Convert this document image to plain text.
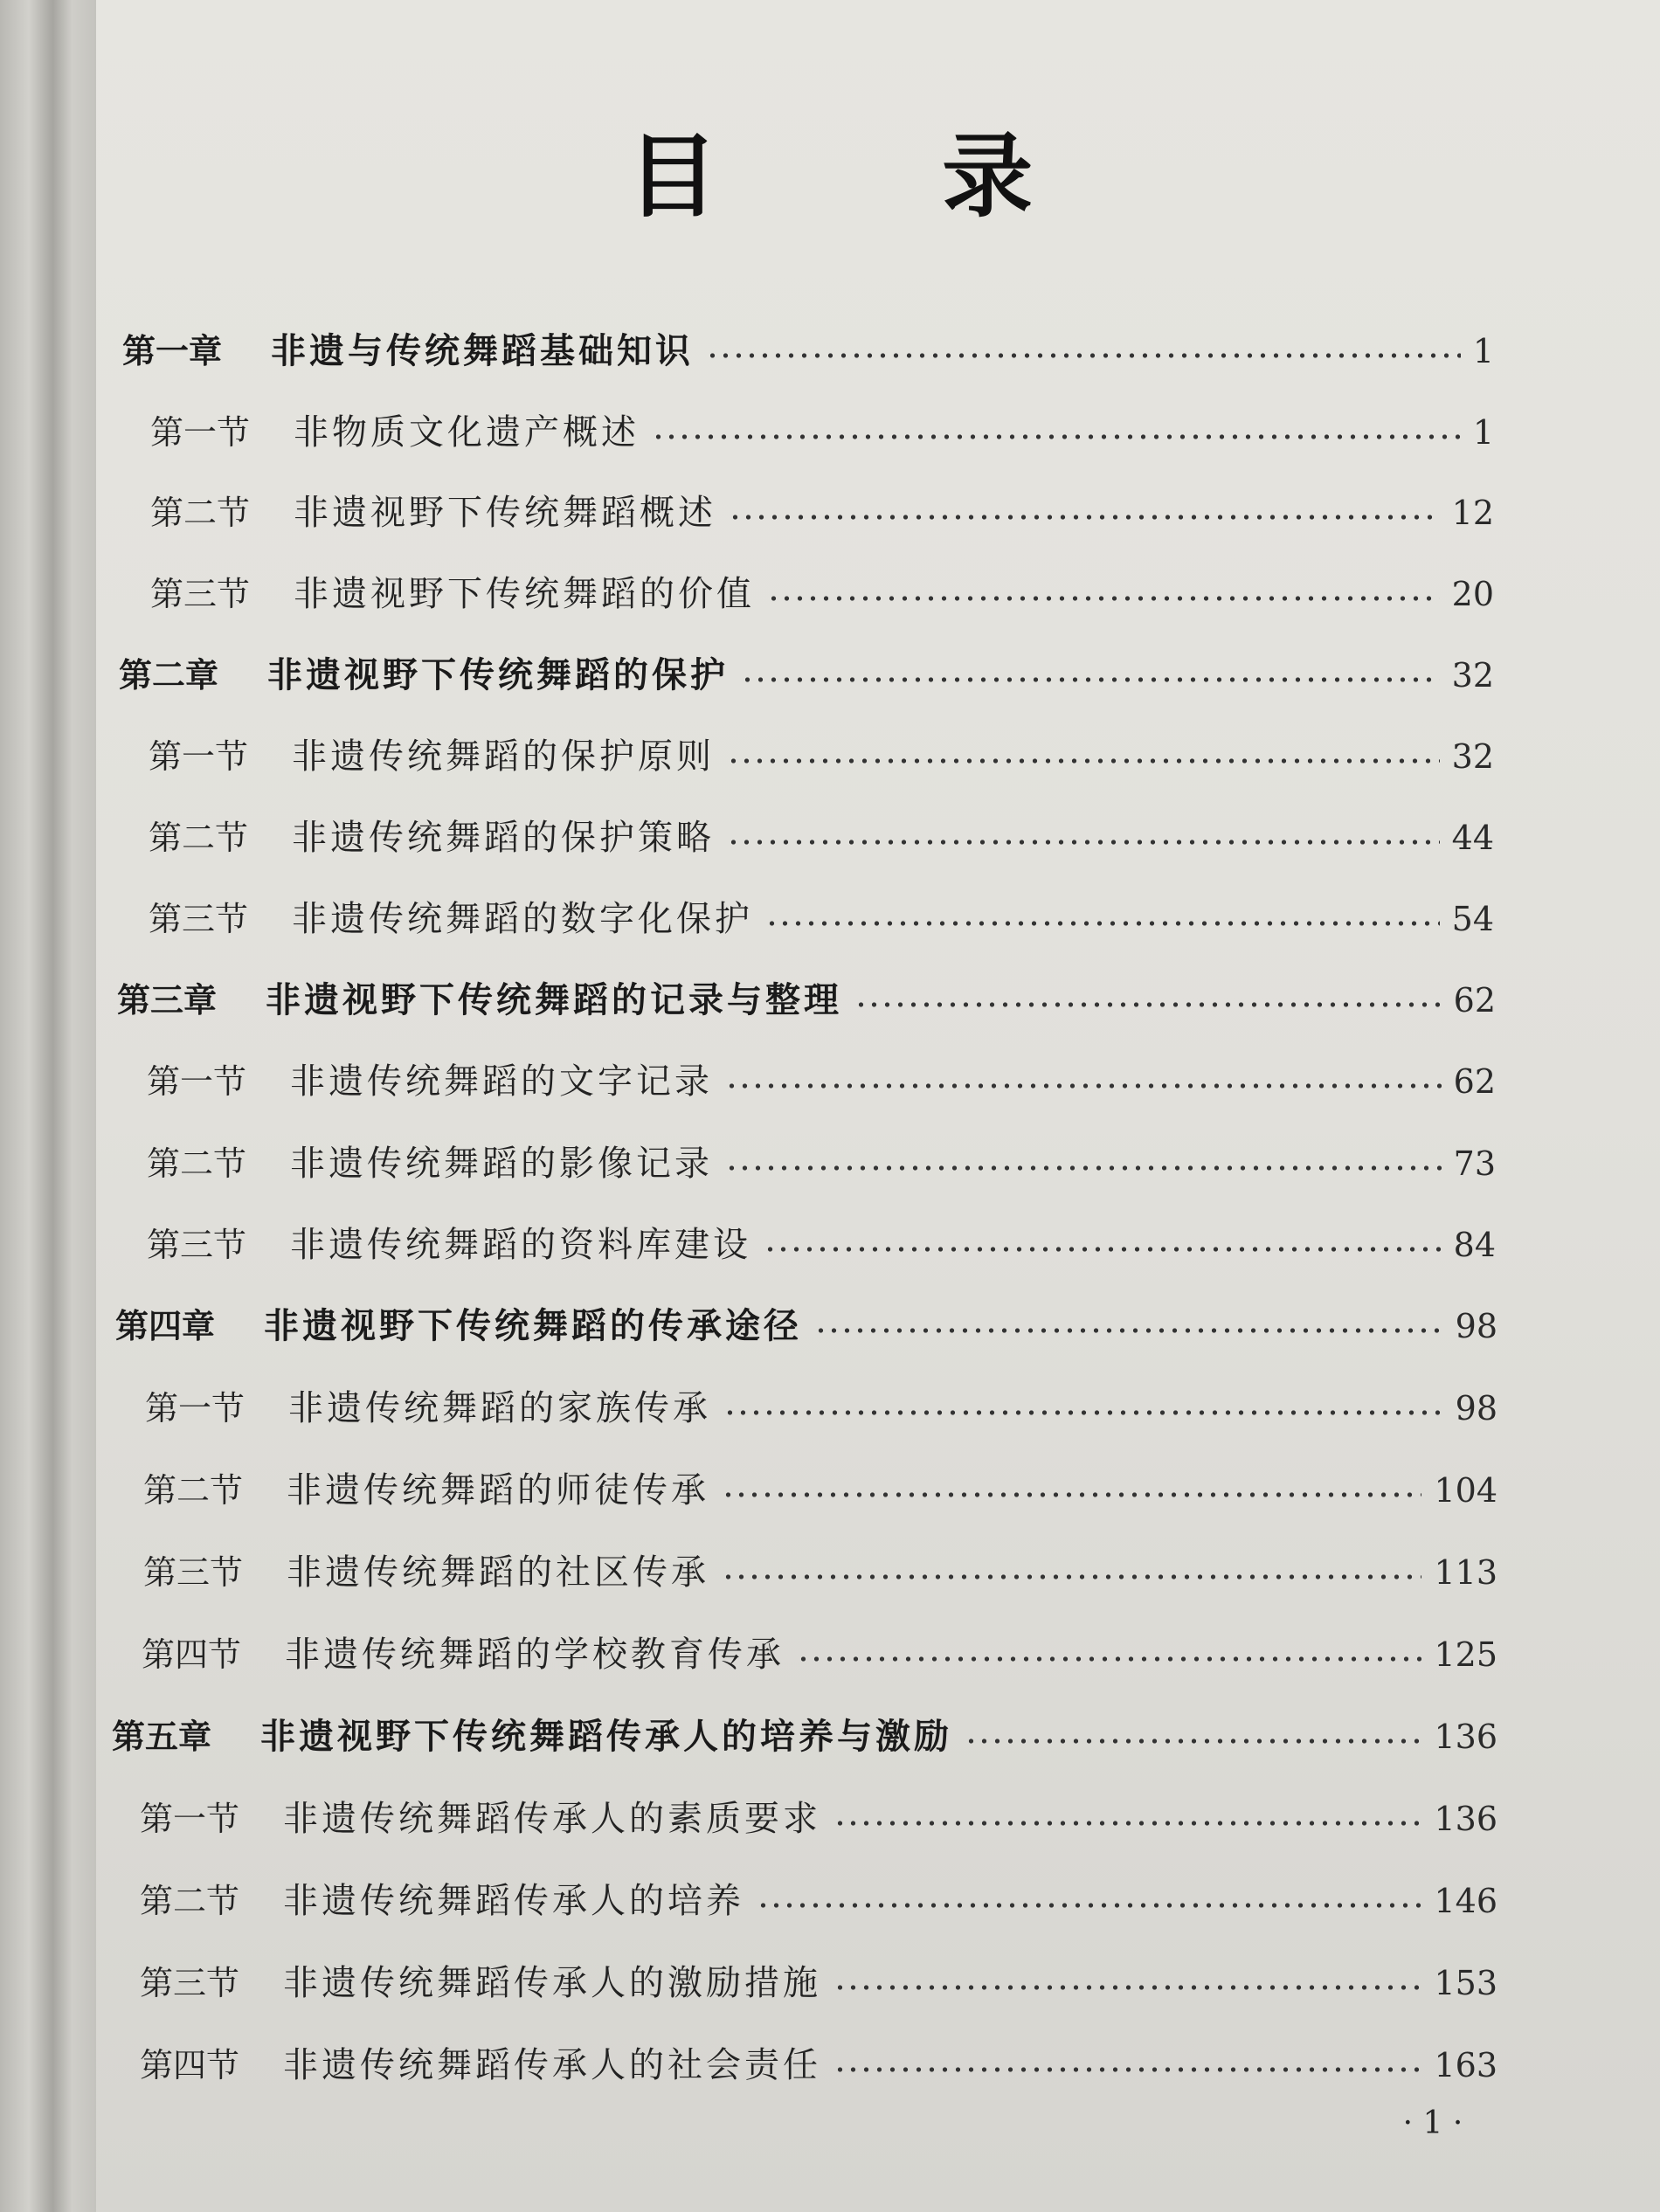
目 录
第一章 非遗与传统舞蹈基础知识	1
第一节 非物质文化遗产概述	1
第二节 非遗视野下传统舞蹈概述	12
第三节 非遗视野下传统舞蹈的价值	20
第二章 非遗视野下传统舞蹈的保护	32
第一节 非遗传统舞蹈的保护原则	32
第二节 非遗传统舞蹈的保护策略	44
第三节 非遗传统舞蹈的数字化保护	54
第三章 非遗视野下传统舞蹈的记录与整理	62
第一节 非遗传统舞蹈的文字记录	62
第二节 非遗传统舞蹈的影像记录	73
第三节 非遗传统舞蹈的资料库建设	84
第四章 非遗视野下传统舞蹈的传承途径	98
第一节 非遗传统舞蹈的家族传承	98
第二节 非遗传统舞蹈的师徒传承	104
第三节 非遗传统舞蹈的社区传承	113
第四节 非遗传统舞蹈的学校教育传承	125
第五章 非遗视野下传统舞蹈传承人的培养与激励	136
第一节 非遗传统舞蹈传承人的素质要求	136
第二节 非遗传统舞蹈传承人的培养	146
第三节 非遗传统舞蹈传承人的激励措施	153
第四节 非遗传统舞蹈传承人的社会责任	163
· 1 ·
